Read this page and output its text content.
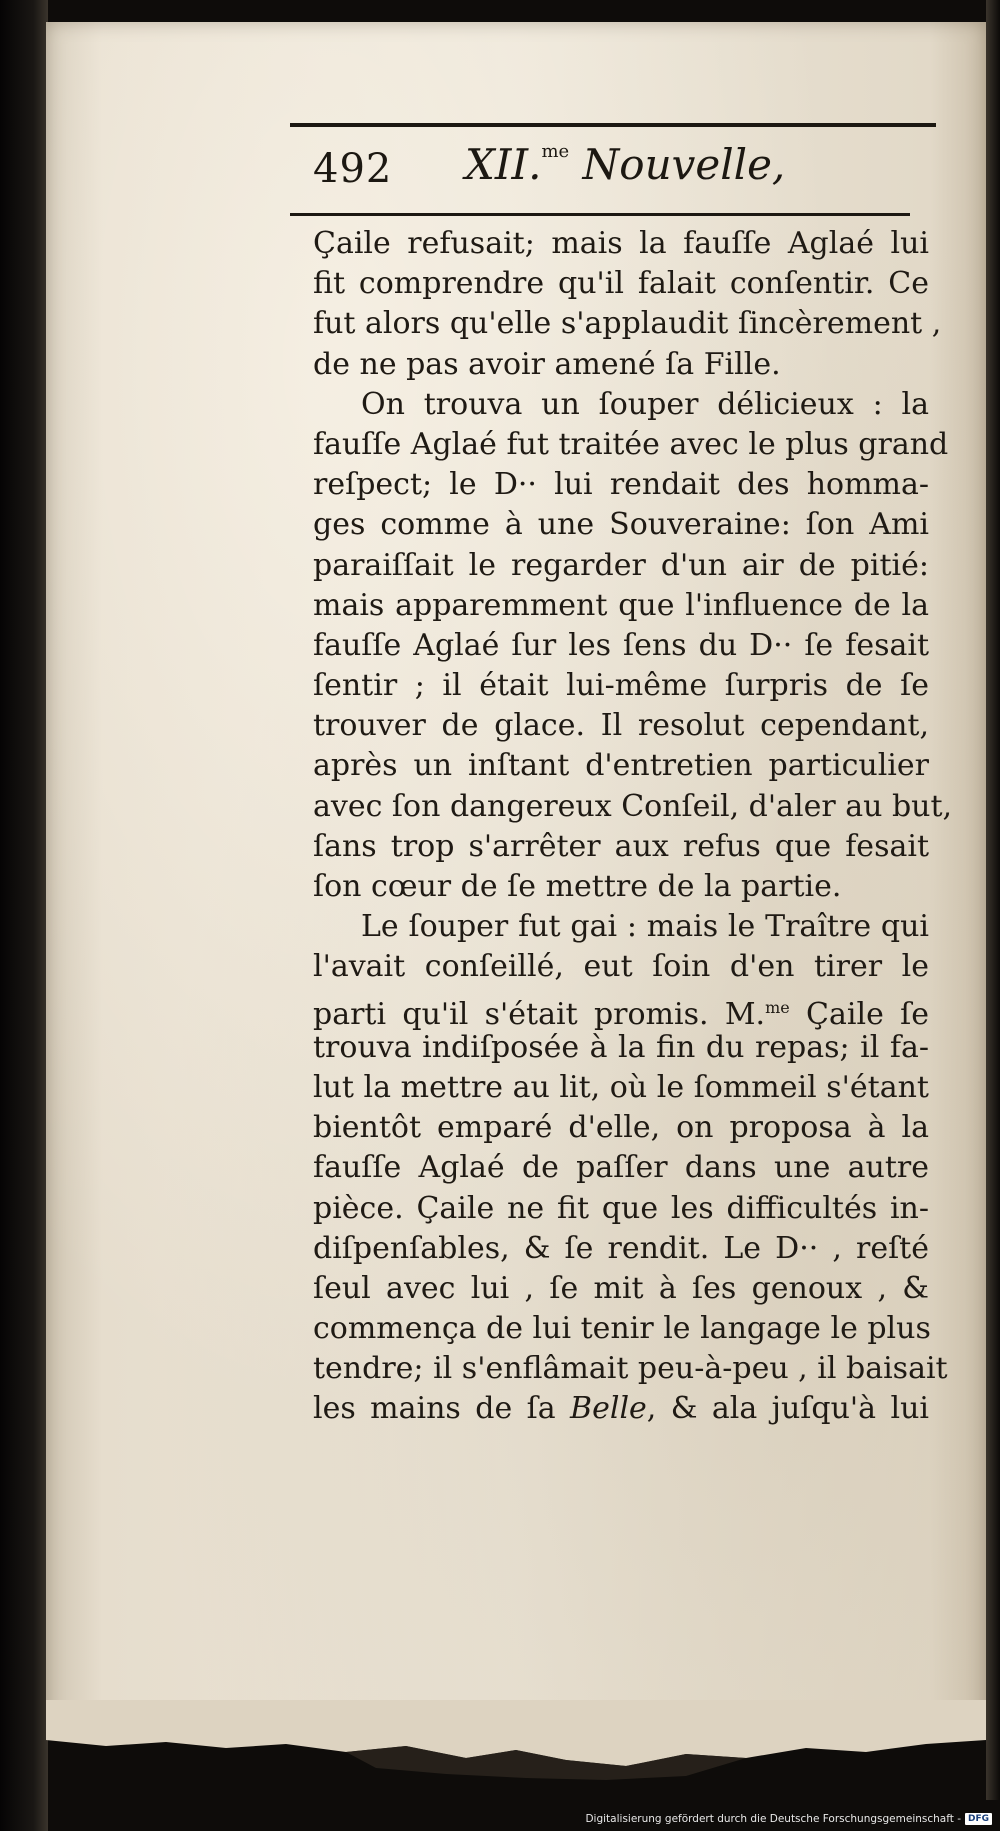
492 XII.$^{me}$ Nouvelle,
Çaile refusait; mais la fauſſe Aglaé lui
fit comprendre qu'il falait conſentir. Ce
fut alors qu'elle s'applaudit ſincèrement ,
de ne pas avoir amené ſa Fille.
On trouva un ſouper délicieux : la
fauſſe Aglaé fut traitée avec le plus grand
reſpect; le D·· lui rendait des homma-
ges comme à une Souveraine: ſon Ami
paraiſſait le regarder d'un air de pitié:
mais apparemment que l'influence de la
fauſſe Aglaé ſur les ſens du D·· ſe fesait
ſentir ; il était lui-même ſurpris de ſe
trouver de glace. Il resolut cependant,
après un inſtant d'entretien particulier
avec ſon dangereux Conſeil, d'aler au but,
ſans trop s'arrêter aux refus que fesait
ſon cœur de ſe mettre de la partie.
Le ſouper fut gai : mais le Traître qui
l'avait conſeillé, eut ſoin d'en tirer le
parti qu'il s'était promis. M.$^{me}$ Çaile ſe
trouva indiſposée à la fin du repas; il fa-
lut la mettre au lit, où le ſommeil s'étant
bientôt emparé d'elle, on proposa à la
fauſſe Aglaé de paſſer dans une autre
pièce. Çaile ne fit que les difficultés in-
diſpenſables, & ſe rendit. Le D·· , reſté
ſeul avec lui , ſe mit à ſes genoux , &
commença de lui tenir le langage le plus
tendre; il s'enflâmait peu-à-peu , il baisait
les mains de ſa Belle, & ala juſqu'à lui
Digitalisierung gefördert durch die Deutsche Forschungsgemeinschaft - DFG
